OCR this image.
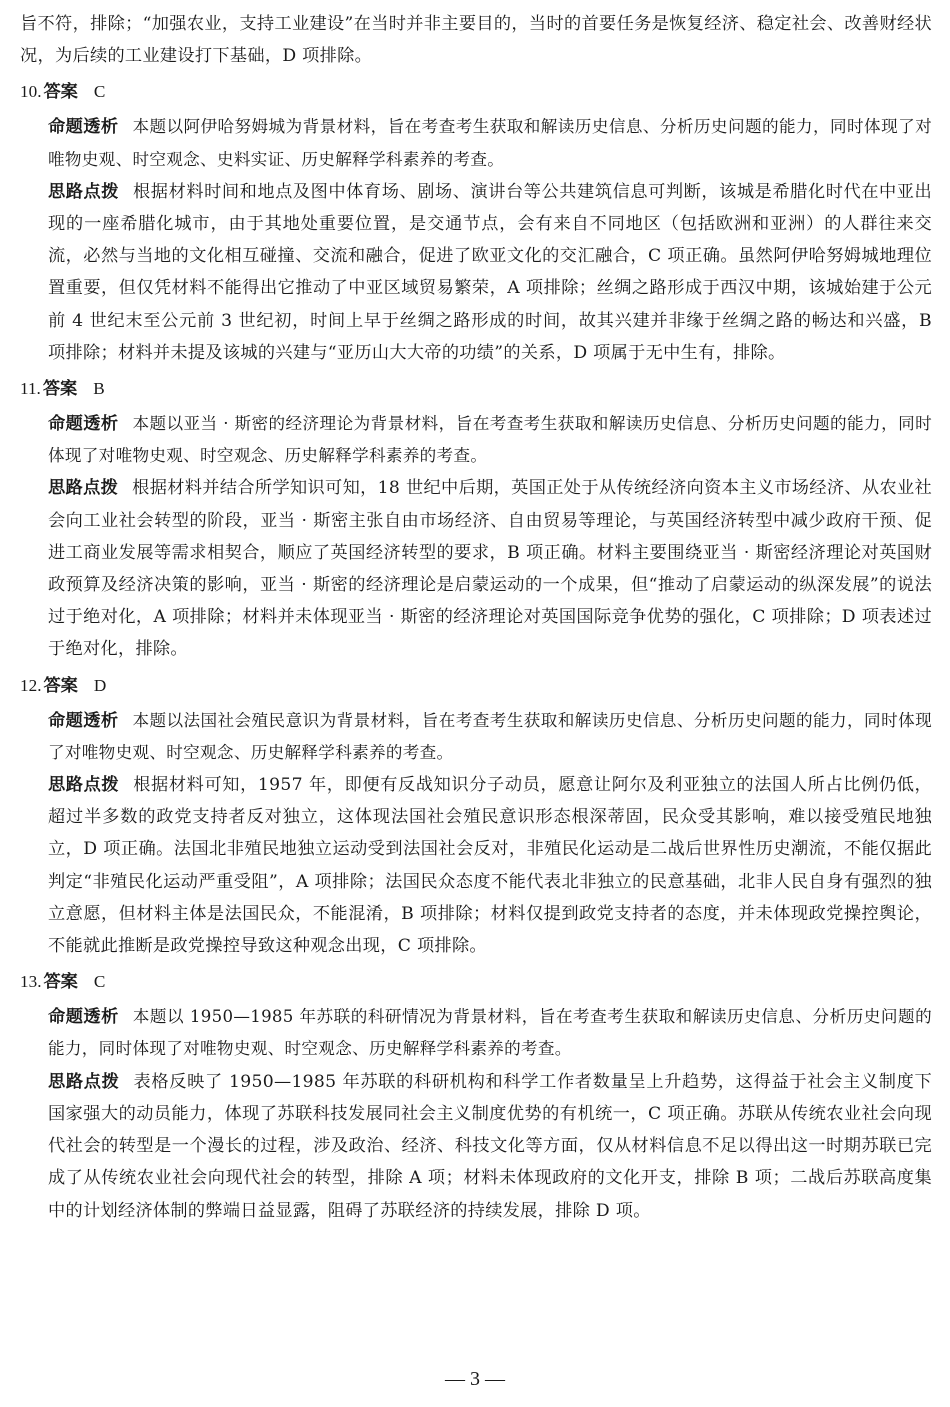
旨不符，排除；“加强农业，支持工业建设”在当时并非主要目的，当时的首要任务是恢复经济、稳定社会、改善财经状况，为后续的工业建设打下基础，D 项排除。

10. 答案 C

命题透析 本题以阿伊哈努姆城为背景材料，旨在考查考生获取和解读历史信息、分析历史问题的能力，同时体现了对唯物史观、时空观念、史料实证、历史解释学科素养的考查。

思路点拨 根据材料时间和地点及图中体育场、剧场、演讲台等公共建筑信息可判断，该城是希腊化时代在中亚出现的一座希腊化城市，由于其地处重要位置，是交通节点，会有来自不同地区（包括欧洲和亚洲）的人群往来交流，必然与当地的文化相互碰撞、交流和融合，促进了欧亚文化的交汇融合，C 项正确。虽然阿伊哈努姆城地理位置重要，但仅凭材料不能得出它推动了中亚区域贸易繁荣，A 项排除；丝绸之路形成于西汉中期，该城始建于公元前 4 世纪末至公元前 3 世纪初，时间上早于丝绸之路形成的时间，故其兴建并非缘于丝绸之路的畅达和兴盛，B 项排除；材料并未提及该城的兴建与“亚历山大大帝的功绩”的关系，D 项属于无中生有，排除。

11. 答案 B

命题透析 本题以亚当 · 斯密的经济理论为背景材料，旨在考查考生获取和解读历史信息、分析历史问题的能力，同时体现了对唯物史观、时空观念、历史解释学科素养的考查。

思路点拨 根据材料并结合所学知识可知，18 世纪中后期，英国正处于从传统经济向资本主义市场经济、从农业社会向工业社会转型的阶段，亚当 · 斯密主张自由市场经济、自由贸易等理论，与英国经济转型中减少政府干预、促进工商业发展等需求相契合，顺应了英国经济转型的要求，B 项正确。材料主要围绕亚当 · 斯密经济理论对英国财政预算及经济决策的影响，亚当 · 斯密的经济理论是启蒙运动的一个成果，但“推动了启蒙运动的纵深发展”的说法过于绝对化，A 项排除；材料并未体现亚当 · 斯密的经济理论对英国国际竞争优势的强化，C 项排除；D 项表述过于绝对化，排除。

12. 答案 D

命题透析 本题以法国社会殖民意识为背景材料，旨在考查考生获取和解读历史信息、分析历史问题的能力，同时体现了对唯物史观、时空观念、历史解释学科素养的考查。

思路点拨 根据材料可知，1957 年，即便有反战知识分子动员，愿意让阿尔及利亚独立的法国人所占比例仍低，超过半多数的政党支持者反对独立，这体现法国社会殖民意识形态根深蒂固，民众受其影响，难以接受殖民地独立，D 项正确。法国北非殖民地独立运动受到法国社会反对，非殖民化运动是二战后世界性历史潮流，不能仅据此判定“非殖民化运动严重受阻”，A 项排除；法国民众态度不能代表北非独立的民意基础，北非人民自身有强烈的独立意愿，但材料主体是法国民众，不能混淆，B 项排除；材料仅提到政党支持者的态度，并未体现政党操控舆论，不能就此推断是政党操控导致这种观念出现，C 项排除。

13. 答案 C

命题透析 本题以 1950—1985 年苏联的科研情况为背景材料，旨在考查考生获取和解读历史信息、分析历史问题的能力，同时体现了对唯物史观、时空观念、历史解释学科素养的考查。

思路点拨 表格反映了 1950—1985 年苏联的科研机构和科学工作者数量呈上升趋势，这得益于社会主义制度下国家强大的动员能力，体现了苏联科技发展同社会主义制度优势的有机统一，C 项正确。苏联从传统农业社会向现代社会的转型是一个漫长的过程，涉及政治、经济、科技文化等方面，仅从材料信息不足以得出这一时期苏联已完成了从传统农业社会向现代社会的转型，排除 A 项；材料未体现政府的文化开支，排除 B 项；二战后苏联高度集中的计划经济体制的弊端日益显露，阻碍了苏联经济的持续发展，排除 D 项。

— 3 —
